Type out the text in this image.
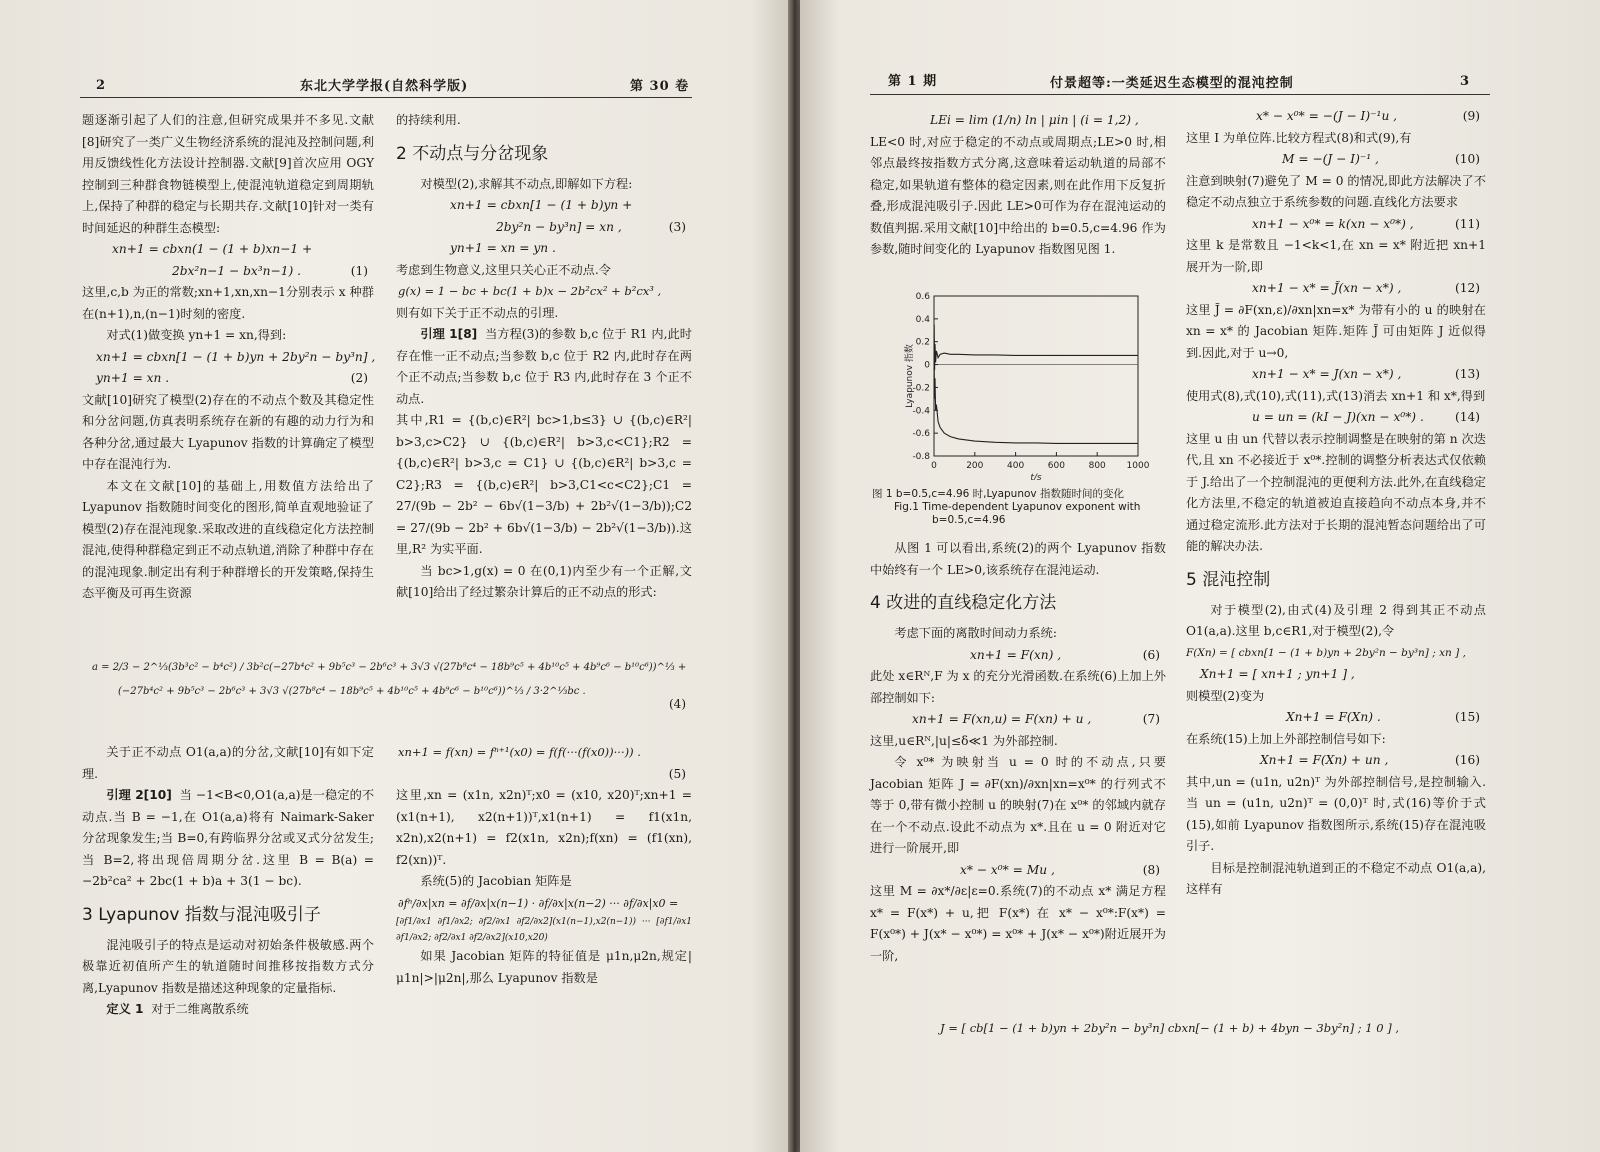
2	东北大学学报(自然科学版)	第 30 卷

题逐渐引起了人们的注意,但研究成果并不多见.文献[8]研究了一类广义生物经济系统的混沌及控制问题,利用反馈线性化方法设计控制器.文献[9]首次应用 OGY 控制到三种群食物链模型上,使混沌轨道稳定到周期轨上,保持了种群的稳定与长期共存.文献[10]针对一类有时间延迟的种群生态模型:

xn+1 = cbxn(1 − (1 + b)xn−1 +

2bx²n−1 − bx³n−1) .	(1)

这里,c,b 为正的常数;xn+1,xn,xn−1分别表示 x 种群在(n+1),n,(n−1)时刻的密度.

对式(1)做变换 yn+1 = xn,得到:

xn+1 = cbxn[1 − (1 + b)yn + 2by²n − by³n] ,

yn+1 = xn .	(2)

文献[10]研究了模型(2)存在的不动点个数及其稳定性和分岔问题,仿真表明系统存在新的有趣的动力行为和各种分岔,通过最大 Lyapunov 指数的计算确定了模型中存在混沌行为.

本文在文献[10]的基础上,用数值方法给出了 Lyapunov 指数随时间变化的图形,简单直观地验证了模型(2)存在混沌现象.采取改进的直线稳定化方法控制混沌,使得种群稳定到正不动点轨道,消除了种群中存在的混沌现象.制定出有利于种群增长的开发策略,保持生态平衡及可再生资源

的持续利用.

2 不动点与分岔现象

对模型(2),求解其不动点,即解如下方程:

xn+1 = cbxn[1 − (1 + b)yn +

2by²n − by³n] = xn ,	(3)

yn+1 = xn = yn .

考虑到生物意义,这里只关心正不动点.令

g(x) = 1 − bc + bc(1 + b)x − 2b²cx² + b²cx³ ,

则有如下关于正不动点的引理.

引理 1[8] 当方程(3)的参数 b,c 位于 R1 内,此时存在惟一正不动点;当参数 b,c 位于 R2 内,此时存在两个正不动点;当参数 b,c 位于 R3 内,此时存在 3 个正不动点.

其中,R1 = {(b,c)∈R²| bc>1,b≤3} ∪ {(b,c)∈R²| b>3,c>C2} ∪ {(b,c)∈R²| b>3,c<C1};R2 = {(b,c)∈R²| b>3,c = C1} ∪ {(b,c)∈R²| b>3,c = C2};R3 = {(b,c)∈R²| b>3,C1<c<C2};C1 = 27/(9b − 2b² − 6b√(1−3/b) + 2b²√(1−3/b));C2 = 27/(9b − 2b² + 6b√(1−3/b) − 2b²√(1−3/b)).这里,R² 为实平面.

当 bc>1,g(x) = 0 在(0,1)内至少有一个正解,文献[10]给出了经过繁杂计算后的正不动点的形式:

a = 2/3 − 2^⅓(3b³c² − b⁴c²) / 3b²c(−27b⁴c² + 9b⁵c³ − 2b⁶c³ + 3√3 √(27b⁸c⁴ − 18b⁹c⁵ + 4b¹⁰c⁵ + 4b⁹c⁶ − b¹⁰c⁶))^⅓ +
(−27b⁴c² + 9b⁵c³ − 2b⁶c³ + 3√3 √(27b⁸c⁴ − 18b⁹c⁵ + 4b¹⁰c⁵ + 4b⁹c⁶ − b¹⁰c⁶))^⅓ / 3·2^⅓bc .
(4)

关于正不动点 O1(a,a)的分岔,文献[10]有如下定理.

引理 2[10] 当 −1<B<0,O1(a,a)是一稳定的不动点.当 B = −1,在 O1(a,a)将有 Naimark-Saker 分岔现象发生;当 B=0,有跨临界分岔或叉式分岔发生;当 B=2,将出现倍周期分岔.这里 B = B(a) = −2b²ca² + 2bc(1 + b)a + 3(1 − bc).

3 Lyapunov 指数与混沌吸引子

混沌吸引子的特点是运动对初始条件极敏感.两个极靠近初值所产生的轨道随时间推移按指数方式分离,Lyapunov 指数是描述这种现象的定量指标.

定义 1 对于二维离散系统

xn+1 = f(xn) = fⁿ⁺¹(x0) = f(f(···(f(x0))···)) .

(5)

这里,xn = (x1n, x2n)ᵀ;x0 = (x10, x20)ᵀ;xn+1 = (x1(n+1), x2(n+1))ᵀ,x1(n+1) = f1(x1n, x2n),x2(n+1) = f2(x1n, x2n);f(xn) = (f1(xn), f2(xn))ᵀ.

系统(5)的 Jacobian 矩阵是

∂fⁿ/∂x|xn = ∂f/∂x|x(n−1) · ∂f/∂x|x(n−2) ··· ∂f/∂x|x0 =

[∂f1/∂x1 ∂f1/∂x2; ∂f2/∂x1 ∂f2/∂x2](x1(n−1),x2(n−1)) ··· [∂f1/∂x1 ∂f1/∂x2; ∂f2/∂x1 ∂f2/∂x2](x10,x20)

如果 Jacobian 矩阵的特征值是 μ1n,μ2n,规定|μ1n|>|μ2n|,那么 Lyapunov 指数是

第 1 期	付景超等:一类延迟生态模型的混沌控制	3

LEi = lim (1/n) ln | μin | (i = 1,2) ,

LE<0 时,对应于稳定的不动点或周期点;LE>0 时,相邻点最终按指数方式分离,这意味着运动轨道的局部不稳定,如果轨道有整体的稳定因素,则在此作用下反复折叠,形成混沌吸引子.因此 LE>0可作为存在混沌运动的数值判据.采用文献[10]中给出的 b=0.5,c=4.96 作为参数,随时间变化的 Lyapunov 指数图见图 1.

0.6
0.4
0.2
0
-0.2
-0.4
-0.6
-0.8
0	200	400	600	800 1000
t/s
Lyapunov 指数
图 1 b=0.5,c=4.96 时,Lyapunov 指数随时间的变化
Fig.1 Time-dependent Lyapunov exponent with
b=0.5,c=4.96

从图 1 可以看出,系统(2)的两个 Lyapunov 指数中始终有一个 LE>0,该系统存在混沌运动.

4 改进的直线稳定化方法

考虑下面的离散时间动力系统:

xn+1 = F(xn) ,	(6)

此处 x∈Rᴺ,F 为 x 的充分光滑函数.在系统(6)上加上外部控制如下:

xn+1 = F(xn,u) = F(xn) + u ,	(7)

这里,u∈Rᴺ,|u|≤δ≪1 为外部控制.

令 x⁰* 为映射当 u = 0 时的不动点,只要 Jacobian 矩阵 J = ∂F(xn)/∂xn|xn=x⁰* 的行列式不等于 0,带有微小控制 u 的映射(7)在 x⁰* 的邻域内就存在一个不动点.设此不动点为 x*.且在 u = 0 附近对它进行一阶展开,即

x* − x⁰* = Mu ,	(8)

这里 M = ∂x*/∂ε|ε=0.系统(7)的不动点 x* 满足方程 x* = F(x*) + u,把 F(x*) 在 x* − x⁰*:F(x*) = F(x⁰*) + J(x* − x⁰*) = x⁰* + J(x* − x⁰*)附近展开为一阶,

J = [ cb[1 − (1 + b)yn + 2by²n − by³n] cbxn[− (1 + b) + 4byn − 3by²n] ; 1 0 ] ,

x* − x⁰* = −(J − I)⁻¹u ,	(9)

这里 I 为单位阵.比较方程式(8)和式(9),有

M = −(J − I)⁻¹ ,	(10)

注意到映射(7)避免了 M = 0 的情况,即此方法解决了不稳定不动点独立于系统参数的问题.直线化方法要求

xn+1 − x⁰* = k(xn − x⁰*) ,	(11)

这里 k 是常数且 −1<k<1,在 xn = x* 附近把 xn+1 展开为一阶,即

xn+1 − x* = J̃(xn − x*) ,	(12)

这里 J̃ = ∂F(xn,ε)/∂xn|xn=x* 为带有小的 u 的映射在 xn = x* 的 Jacobian 矩阵.矩阵 J̃ 可由矩阵 J 近似得到.因此,对于 u→0,

xn+1 − x* = J(xn − x*) ,	(13)

使用式(8),式(10),式(11),式(13)消去 xn+1 和 x*,得到

u = un = (kI − J)(xn − x⁰*) .	(14)

这里 u 由 un 代替以表示控制调整是在映射的第 n 次迭代,且 xn 不必接近于 x⁰*.控制的调整分析表达式仅依赖于 J.给出了一个控制混沌的更便利方法.此外,在直线稳定化方法里,不稳定的轨道被迫直接趋向不动点本身,并不通过稳定流形.此方法对于长期的混沌暂态问题给出了可能的解决办法.

5 混沌控制

对于模型(2),由式(4)及引理 2 得到其正不动点 O1(a,a).这里 b,c∈R1,对于模型(2),令

F(Xn) = [ cbxn[1 − (1 + b)yn + 2by²n − by³n] ; xn ] ,

Xn+1 = [ xn+1 ; yn+1 ] ,

则模型(2)变为

Xn+1 = F(Xn) .	(15)

在系统(15)上加上外部控制信号如下:

Xn+1 = F(Xn) + un ,	(16)

其中,un = (u1n, u2n)ᵀ 为外部控制信号,是控制输入.当 un = (u1n, u2n)ᵀ = (0,0)ᵀ 时,式(16)等价于式(15),如前 Lyapunov 指数图所示,系统(15)存在混沌吸引子.

目标是控制混沌轨道到正的不稳定不动点 O1(a,a),这样有
